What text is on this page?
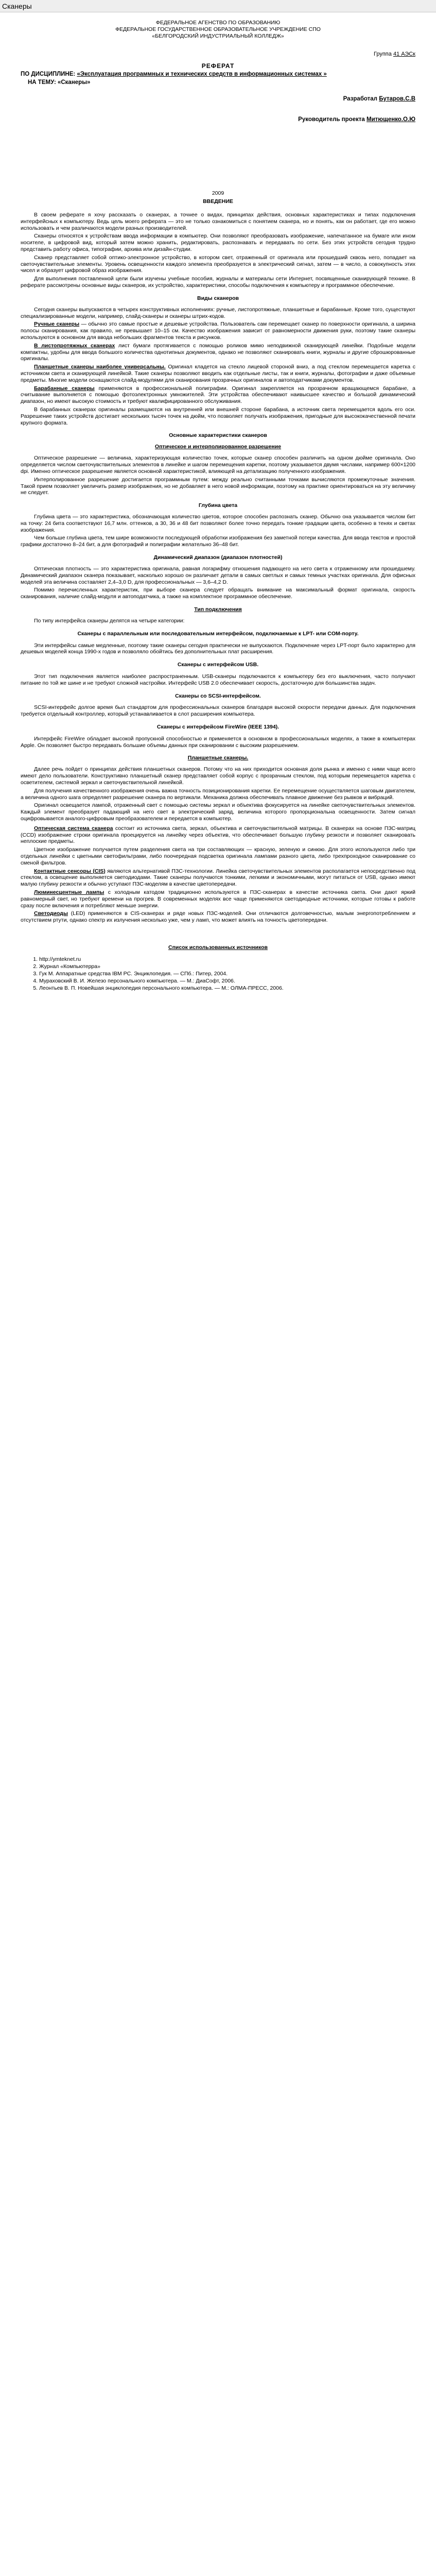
Сканеры
ФЕДЕРАЛЬНОЕ АГЕНСТВО ПО ОБРАЗОВАНИЮ
ФЕДЕРАЛЬНОЕ ГОСУДАРСТВЕННОЕ ОБРАЗОВАТЕЛЬНОЕ УЧРЕЖДЕНИЕ СПО
«БЕЛГОРОДСКИЙ ИНДУСТРИАЛЬНЫЙ КОЛЛЕДЖ»
Группа 41 АЭСк
РЕФЕРАТ
ПО ДИСЦИПЛИНЕ: «Эксплуатация программных и технических средств в информационных системах »
НА ТЕМУ: «Сканеры»
Разработал Бутаров.С.В
Руководитель проекта Митющенко.О.Ю
2009
ВВЕДЕНИЕ

В своем реферате я хочу рассказать о сканерах, а точнее о видах, принципах действия, основных характеристиках и типах подключения интерфейсных к компьютеру. Ведь цель моего реферата — это не только ознакомиться с понятием сканера, но и понять, как он работает, где его можно использовать и чем различаются модели разных производителей.

Сканеры относятся к устройствам ввода информации в компьютер. Они позволяют преобразовать изображение, напечатанное на бумаге или ином носителе, в цифровой вид, который затем можно хранить, редактировать, распознавать и передавать по сети. Без этих устройств сегодня трудно представить работу офиса, типографии, архива или дизайн-студии.

Сканер представляет собой оптико-электронное устройство, в котором свет, отраженный от оригинала или прошедший сквозь него, попадает на светочувствительные элементы. Уровень освещенности каждого элемента преобразуется в электрический сигнал, затем — в число, а совокупность этих чисел и образует цифровой образ изображения.

Для выполнения поставленной цели были изучены учебные пособия, журналы и материалы сети Интернет, посвященные сканирующей технике. В реферате рассмотрены основные виды сканеров, их устройство, характеристики, способы подключения к компьютеру и программное обеспечение.

Виды сканеров

Сегодня сканеры выпускаются в четырех конструктивных исполнениях: ручные, листопротяжные, планшетные и барабанные. Кроме того, существуют специализированные модели, например, слайд-сканеры и сканеры штрих-кодов.

Ручные сканеры — обычно это самые простые и дешевые устройства. Пользователь сам перемещает сканер по поверхности оригинала, а ширина полосы сканирования, как правило, не превышает 10–15 см. Качество изображения зависит от равномерности движения руки, поэтому такие сканеры используются в основном для ввода небольших фрагментов текста и рисунков.

В листопротяжных сканерах лист бумаги протягивается с помощью роликов мимо неподвижной сканирующей линейки. Подобные модели компактны, удобны для ввода большого количества однотипных документов, однако не позволяют сканировать книги, журналы и другие сброшюрованные оригиналы.

Планшетные сканеры наиболее универсальны. Оригинал кладется на стекло лицевой стороной вниз, а под стеклом перемещается каретка с источником света и сканирующей линейкой. Такие сканеры позволяют вводить как отдельные листы, так и книги, журналы, фотографии и даже объемные предметы. Многие модели оснащаются слайд-модулями для сканирования прозрачных оригиналов и автоподатчиками документов.

Барабанные сканеры применяются в профессиональной полиграфии. Оригинал закрепляется на прозрачном вращающемся барабане, а считывание выполняется с помощью фотоэлектронных умножителей. Эти устройства обеспечивают наивысшее качество и большой динамический диапазон, но имеют высокую стоимость и требуют квалифицированного обслуживания.

В барабанных сканерах оригиналы размещаются на внутренней или внешней стороне барабана, а источник света перемещается вдоль его оси. Разрешение таких устройств достигает нескольких тысяч точек на дюйм, что позволяет получать изображения, пригодные для высококачественной печати крупного формата.

Основные характеристики сканеров
Оптическое и интерполированное разрешение

Оптическое разрешение — величина, характеризующая количество точек, которые сканер способен различить на одном дюйме оригинала. Оно определяется числом светочувствительных элементов в линейке и шагом перемещения каретки, поэтому указывается двумя числами, например 600×1200 dpi. Именно оптическое разрешение является основной характеристикой, влияющей на детализацию полученного изображения.

Интерполированное разрешение достигается программным путем: между реально считанными точками вычисляются промежуточные значения. Такой прием позволяет увеличить размер изображения, но не добавляет в него новой информации, поэтому на практике ориентироваться на эту величину не следует.

Глубина цвета

Глубина цвета — это характеристика, обозначающая количество цветов, которое способен распознать сканер. Обычно она указывается числом бит на точку: 24 бита соответствуют 16,7 млн. оттенков, а 30, 36 и 48 бит позволяют более точно передать тонкие градации цвета, особенно в тенях и светах изображения.

Чем больше глубина цвета, тем шире возможности последующей обработки изображения без заметной потери качества. Для ввода текстов и простой графики достаточно 8–24 бит, а для фотографий и полиграфии желательно 36–48 бит.

Динамический диапазон (диапазон плотностей)

Оптическая плотность — это характеристика оригинала, равная логарифму отношения падающего на него света к отраженному или прошедшему. Динамический диапазон сканера показывает, насколько хорошо он различает детали в самых светлых и самых темных участках оригинала. Для офисных моделей эта величина составляет 2,4–3,0 D, для профессиональных — 3,6–4,2 D.

Помимо перечисленных характеристик, при выборе сканера следует обращать внимание на максимальный формат оригинала, скорость сканирования, наличие слайд-модуля и автоподатчика, а также на комплектное программное обеспечение.

Тип подключения

По типу интерфейса сканеры делятся на четыре категории:

Сканеры с параллельным или последовательным интерфейсом, подключаемые к LPT- или COM-порту.

Эти интерфейсы самые медленные, поэтому такие сканеры сегодня практически не выпускаются. Подключение через LPT-порт было характерно для дешевых моделей конца 1990-х годов и позволяло обойтись без дополнительных плат расширения.

Сканеры с интерфейсом USB.

Этот тип подключения является наиболее распространенным. USB-сканеры подключаются к компьютеру без его выключения, часто получают питание по той же шине и не требуют сложной настройки. Интерфейс USB 2.0 обеспечивает скорость, достаточную для большинства задач.

Сканеры со SCSI-интерфейсом.

SCSI-интерфейс долгое время был стандартом для профессиональных сканеров благодаря высокой скорости передачи данных. Для подключения требуется отдельный контроллер, который устанавливается в слот расширения компьютера.

Сканеры с интерфейсом FireWire (IEEE 1394).

Интерфейс FireWire обладает высокой пропускной способностью и применяется в основном в профессиональных моделях, а также в компьютерах Apple. Он позволяет быстро передавать большие объемы данных при сканировании с высоким разрешением.

Планшетные сканеры.

Далее речь пойдет о принципах действия планшетных сканеров. Потому что на них приходится основная доля рынка и именно с ними чаще всего имеют дело пользователи. Конструктивно планшетный сканер представляет собой корпус с прозрачным стеклом, под которым перемещается каретка с осветителем, системой зеркал и светочувствительной линейкой.

Для получения качественного изображения очень важна точность позиционирования каретки. Ее перемещение осуществляется шаговым двигателем, а величина одного шага определяет разрешение сканера по вертикали. Механика должна обеспечивать плавное движение без рывков и вибраций.

Оригинал освещается лампой, отраженный свет с помощью системы зеркал и объектива фокусируется на линейке светочувствительных элементов. Каждый элемент преобразует падающий на него свет в электрический заряд, величина которого пропорциональна освещенности. Затем сигнал оцифровывается аналого-цифровым преобразователем и передается в компьютер.

Оптическая система сканера состоит из источника света, зеркал, объектива и светочувствительной матрицы. В сканерах на основе ПЗС-матриц (CCD) изображение строки оригинала проецируется на линейку через объектив, что обеспечивает большую глубину резкости и позволяет сканировать неплоские предметы.

Цветное изображение получается путем разделения света на три составляющих — красную, зеленую и синюю. Для этого используются либо три отдельных линейки с цветными светофильтрами, либо поочередная подсветка оригинала лампами разного цвета, либо трехпроходное сканирование со сменой фильтров.

Контактные сенсоры (CIS) являются альтернативой ПЗС-технологии. Линейка светочувствительных элементов располагается непосредственно под стеклом, а освещение выполняется светодиодами. Такие сканеры получаются тонкими, легкими и экономичными, могут питаться от USB, однако имеют малую глубину резкости и обычно уступают ПЗС-моделям в качестве цветопередачи.

Люминесцентные лампы с холодным катодом традиционно используются в ПЗС-сканерах в качестве источника света. Они дают яркий равномерный свет, но требуют времени на прогрев. В современных моделях все чаще применяются светодиодные источники, которые готовы к работе сразу после включения и потребляют меньше энергии.

Светодиоды (LED) применяются в CIS-сканерах и ряде новых ПЗС-моделей. Они отличаются долговечностью, малым энергопотреблением и отсутствием ртути, однако спектр их излучения несколько уже, чем у ламп, что может влиять на точность цветопередачи.

Список использованных источников
1. http://ymteknet.ru
2. Журнал «Компьютерра»
3. Гук М. Аппаратные средства IBM PC. Энциклопедия. — СПб.: Питер, 2004.
4. Мураховский В. И. Железо персонального компьютера. — М.: ДиаСофт, 2006.
5. Леонтьев В. П. Новейшая энциклопедия персонального компьютера. — М.: ОЛМА-ПРЕСС, 2006.
